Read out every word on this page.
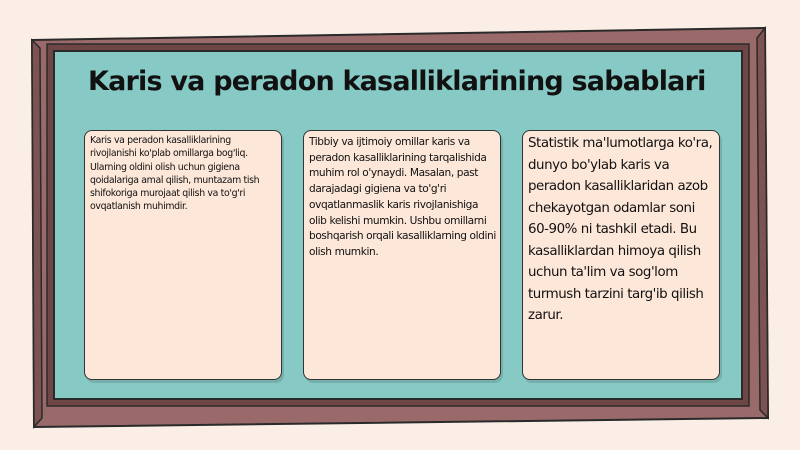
Karis va peradon kasalliklarining sabablari

Karis va peradon kasalliklarining rivojlanishi ko'plab omillarga bog'liq. Ularning oldini olish uchun gigiena qoidalariga amal qilish, muntazam tish shifokoriga murojaat qilish va to'g'ri ovqatlanish muhimdir.

Tibbiy va ijtimoiy omillar karis va peradon kasalliklarining tarqalishida muhim rol o'ynaydi. Masalan, past darajadagi gigiena va to'g'ri ovqatlanmaslik karis rivojlanishiga olib kelishi mumkin. Ushbu omillarni boshqarish orqali kasalliklarning oldini olish mumkin.

Statistik ma'lumotlarga ko'ra, dunyo bo'ylab karis va peradon kasalliklaridan azob chekayotgan odamlar soni 60-90% ni tashkil etadi. Bu kasalliklardan himoya qilish uchun ta'lim va sog'lom turmush tarzini targ'ib qilish zarur.
